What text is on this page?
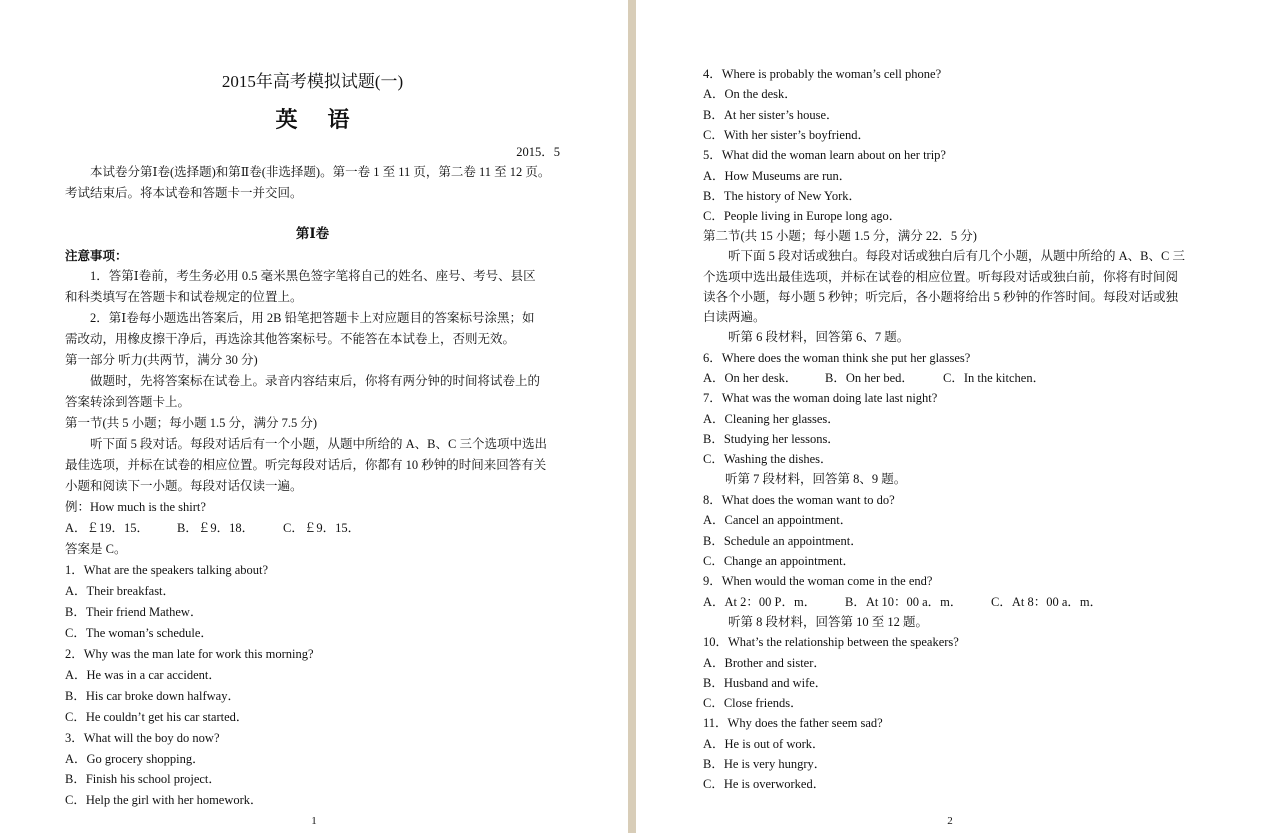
2015年高考模拟试题(一)
英语
2015．5
本试卷分第Ⅰ卷(选择题)和第Ⅱ卷(非选择题)。第一卷 1 至 11 页，第二卷 11 至 12 页。
考试结束后。将本试卷和答题卡一并交回。
第Ⅰ卷
注意事项：
1．答第Ⅰ卷前，考生务必用 0.5 毫米黑色签字笔将自己的姓名、座号、考号、县区
和科类填写在答题卡和试卷规定的位置上。
2．第Ⅰ卷每小题选出答案后，用 2B 铅笔把答题卡上对应题目的答案标号涂黑；如
需改动，用橡皮擦干净后，再选涂其他答案标号。不能答在本试卷上，否则无效。
第一部分 听力(共两节，满分 30 分)
做题时，先将答案标在试卷上。录音内容结束后，你将有两分钟的时间将试卷上的
答案转涂到答题卡上。
第一节(共 5 小题；每小题 1.5 分，满分 7.5 分)
听下面 5 段对话。每段对话后有一个小题，从题中所给的 A、B、C 三个选项中选出
最佳选项，并标在试卷的相应位置。听完每段对话后，你都有 10 秒钟的时间来回答有关
小题和阅读下一小题。每段对话仅读一遍。
例：How much is the shirt?
A．￡19．15． B．￡9．18． C．￡9．15．
答案是 C。
1．What are the speakers talking about?
A．Their breakfast．
B．Their friend Mathew．
C．The woman’s schedule．
2．Why was the man late for work this morning?
A．He was in a car accident．
B．His car broke down halfway．
C．He couldn’t get his car started．
3．What will the boy do now?
A．Go grocery shopping．
B．Finish his school project．
C．Help the girl with her homework．
1
4．Where is probably the woman’s cell phone?
A．On the desk．
B．At her sister’s house．
C．With her sister’s boyfriend．
5．What did the woman learn about on her trip?
A．How Museums are run．
B．The history of New York．
C．People living in Europe long ago．
第二节(共 15 小题；每小题 1.5 分，满分 22．5 分)
听下面 5 段对话或独白。每段对话或独白后有几个小题，从题中所给的 A、B、C 三
个选项中选出最佳选项，并标在试卷的相应位置。听每段对话或独白前，你将有时间阅
读各个小题，每小题 5 秒钟；听完后，各小题将给出 5 秒钟的作答时间。每段对话或独
白读两遍。
听第 6 段材料，回答第 6、7 题。
6．Where does the woman think she put her glasses?
A．On her desk． B．On her bed． C．In the kitchen．
7．What was the woman doing late last night?
A．Cleaning her glasses．
B．Studying her lessons．
C．Washing the dishes．
听第 7 段材料，回答第 8、9 题。
8．What does the woman want to do?
A．Cancel an appointment．
B．Schedule an appointment．
C．Change an appointment．
9．When would the woman come in the end?
A．At 2：00 P．m． B．At 10：00 a．m． C．At 8：00 a．m．
听第 8 段材料，回答第 10 至 12 题。
10．What’s the relationship between the speakers?
A．Brother and sister．
B．Husband and wife．
C．Close friends．
11．Why does the father seem sad?
A．He is out of work．
B．He is very hungry．
C．He is overworked．
2
